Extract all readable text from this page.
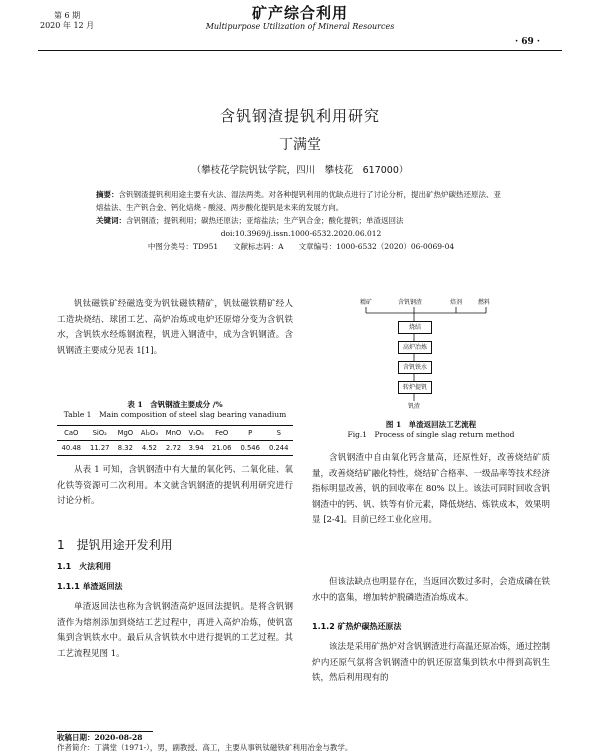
第 6 期
2020 年 12 月
矿产综合利用
Multipurpose Utilization of Mineral Resources
· 69 ·
含钒钢渣提钒利用研究
丁满堂
（攀枝花学院钒钛学院，四川　攀枝花　617000）
摘要：含钒钢渣提钒利用途主要有火法、湿法两类。对各种提钒利用的优缺点进行了讨论分析，提出矿热炉碳热还原法、亚熔盐法、生产钒合金、钙化焙烧 - 酸浸、两步酸化提钒是未来的发展方向。
关键词：含钒钢渣；提钒利用；碳热还原法；亚熔盐法；生产钒合金；酸化提钒；单渣返回法
doi:10.3969/j.issn.1000-6532.2020.06.012
中图分类号：TD951　　文献标志码：A　　文章编号：1000-6532（2020）06-0069-04
钒钛磁铁矿经磁选变为钒钛磁铁精矿，钒钛磁铁精矿经人工造块烧结、球团工艺、高炉冶炼或电炉还原熔分变为含钒铁水，含钒铁水经炼钢流程，钒进入钢渣中，成为含钒钢渣。含钒钢渣主要成分见表 1[1]。
表 1　含钒钢渣主要成分 /%
Table 1　Main composition of steel slag bearing vanadium
CaO	SiO₂	MgO	Al₂O₃	MnO	V₂O₅	FeO	P	S
40.48	11.27	8.32	4.52	2.72	3.94	21.06	0.546	0.244
从表 1 可知，含钒钢渣中有大量的氧化钙、二氧化硅、氧化铁等资源可二次利用。本文就含钒钢渣的提钒利用研究进行讨论分析。
1　提钒用途开发利用
1.1　火法利用
1.1.1 单渣返回法
单渣返回法也称为含钒钢渣高炉返回法提钒。是将含钒钢渣作为熔剂添加到烧结工艺过程中，再进入高炉冶炼，使钒富集到含钒铁水中。最后从含钒铁水中进行提钒的工艺过程。其工艺流程见图 1。
精矿	含钒钢渣	焙剂	燃料
烧结
高炉冶炼
含钒铁水
转炉提钒
钒渣
图 1　单渣返回法工艺流程
Fig.1　Process of single slag return method
含钒钢渣中自由氧化钙含量高，还原性好，改善烧结矿质量，改善烧结矿融化特性，烧结矿合格率、一级品率等技术经济指标明显改善，钒的回收率在 80% 以上。该法可同时回收含钒钢渣中的钙、钒、铁等有价元素，降低烧结、炼铁成本，效果明显 [2-4]。目前已经工业化应用。
但该法缺点也明显存在，当返回次数过多时，会造成磷在铁水中的富集，增加转炉脱磷造渣冶炼成本。
1.1.2 矿热炉碳热还原法
该法是采用矿热炉对含钒钢渣进行高温还原冶炼，通过控制炉内还原气氛将含钒钢渣中的钒还原富集到铁水中得到高钒生铁，然后利用现有的
收稿日期：2020-08-28
作者简介：丁满堂（1971-），男，副教授、高工，主要从事钒钛磁铁矿利用冶金与教学。
